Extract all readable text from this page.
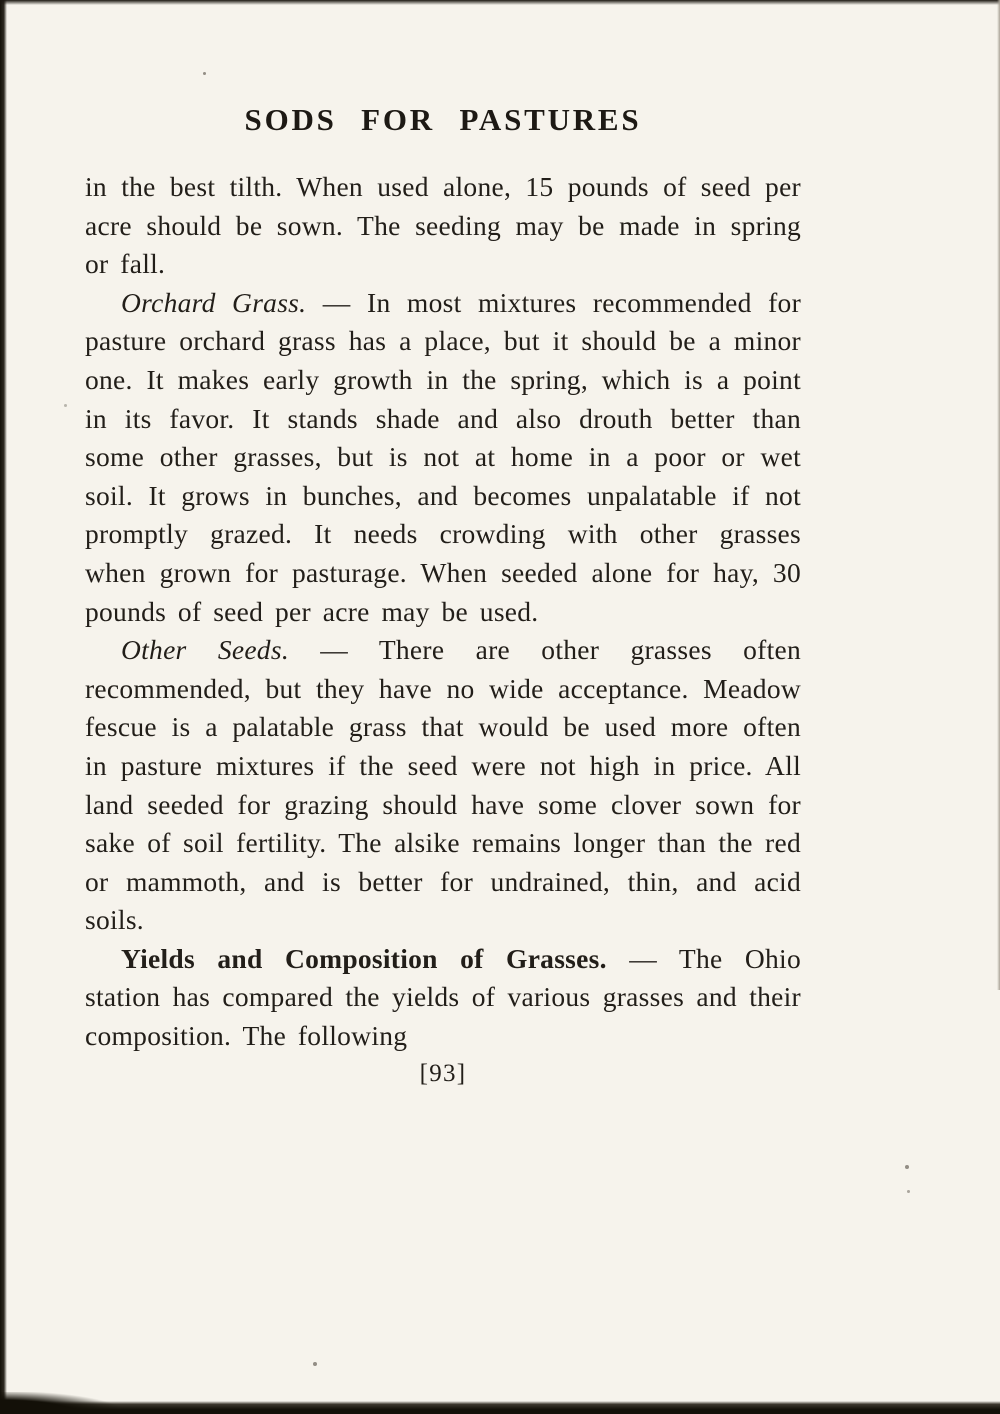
SODS FOR PASTURES

in the best tilth. When used alone, 15 pounds of seed per acre should be sown. The seeding may be made in spring or fall.

Orchard Grass. — In most mixtures recommended for pasture orchard grass has a place, but it should be a minor one. It makes early growth in the spring, which is a point in its favor. It stands shade and also drouth better than some other grasses, but is not at home in a poor or wet soil. It grows in bunches, and becomes unpalatable if not promptly grazed. It needs crowding with other grasses when grown for pasturage. When seeded alone for hay, 30 pounds of seed per acre may be used.

Other Seeds. — There are other grasses often recommended, but they have no wide acceptance. Meadow fescue is a palatable grass that would be used more often in pasture mixtures if the seed were not high in price. All land seeded for grazing should have some clover sown for sake of soil fertility. The alsike remains longer than the red or mammoth, and is better for undrained, thin, and acid soils.

Yields and Composition of Grasses. — The Ohio station has compared the yields of various grasses and their composition. The following

[93]
